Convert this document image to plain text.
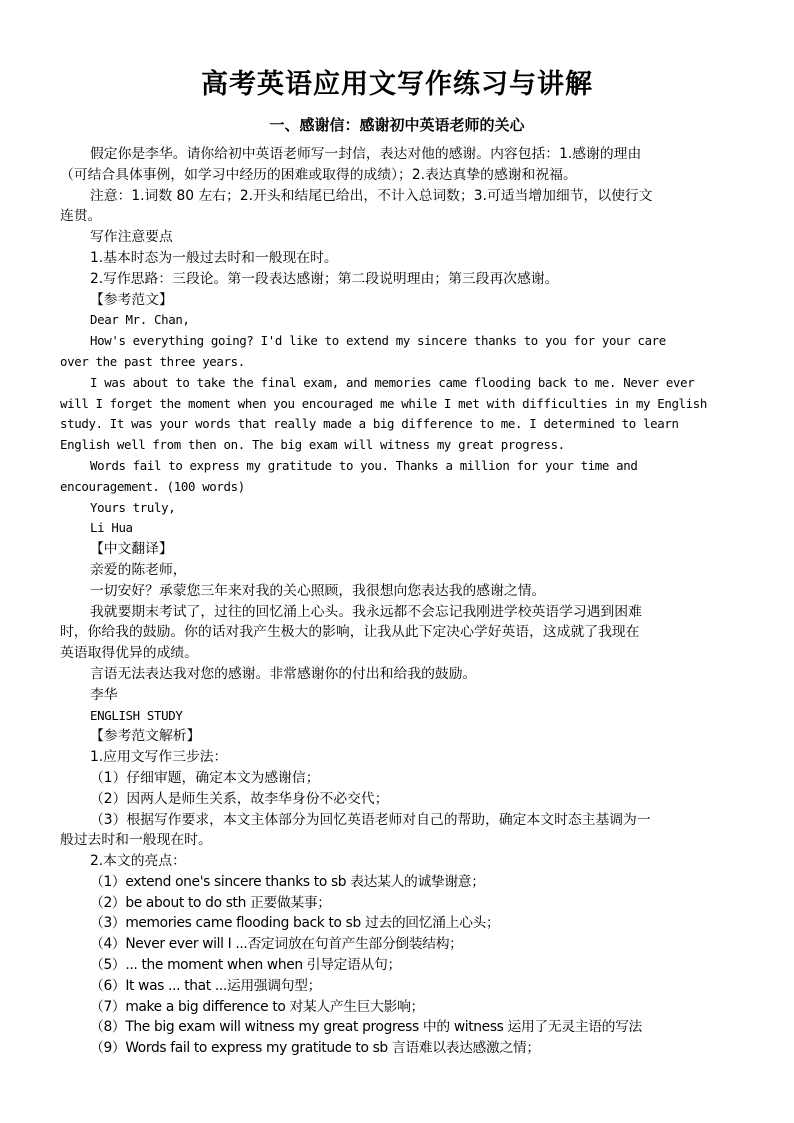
高考英语应用文写作练习与讲解
一、感谢信：感谢初中英语老师的关心
假定你是李华。请你给初中英语老师写一封信，表达对他的感谢。内容包括：1.感谢的理由
（可结合具体事例，如学习中经历的困难或取得的成绩）；2.表达真挚的感谢和祝福。
注意：1.词数 80 左右；2.开头和结尾已给出，不计入总词数；3.可适当增加细节，以使行文
连贯。
写作注意要点
1.基本时态为一般过去时和一般现在时。
2.写作思路：三段论。第一段表达感谢；第二段说明理由；第三段再次感谢。
【参考范文】
Dear Mr. Chan,
How's everything going? I'd like to extend my sincere thanks to you for your care
over the past three years.
I was about to take the final exam, and memories came flooding back to me. Never ever
will I forget the moment when you encouraged me while I met with difficulties in my English
study. It was your words that really made a big difference to me. I determined to learn
English well from then on. The big exam will witness my great progress.
Words fail to express my gratitude to you. Thanks a million for your time and
encouragement. (100 words)
Yours truly,
Li Hua
【中文翻译】
亲爱的陈老师，
一切安好？承蒙您三年来对我的关心照顾，我很想向您表达我的感谢之情。
我就要期末考试了，过往的回忆涌上心头。我永远都不会忘记我刚进学校英语学习遇到困难
时，你给我的鼓励。你的话对我产生极大的影响，让我从此下定决心学好英语，这成就了我现在
英语取得优异的成绩。
言语无法表达我对您的感谢。非常感谢你的付出和给我的鼓励。
李华
ENGLISH STUDY
【参考范文解析】
1.应用文写作三步法：
（1）仔细审题，确定本文为感谢信；
（2）因两人是师生关系，故李华身份不必交代；
（3）根据写作要求，本文主体部分为回忆英语老师对自己的帮助，确定本文时态主基调为一
般过去时和一般现在时。
2.本文的亮点：
（1）extend one's sincere thanks to sb 表达某人的诚挚谢意；
（2）be about to do sth 正要做某事；
（3）memories came flooding back to sb 过去的回忆涌上心头；
（4）Never ever will I ...否定词放在句首产生部分倒装结构；
（5）... the moment when when 引导定语从句；
（6）It was ... that ...运用强调句型；
（7）make a big difference to 对某人产生巨大影响；
（8）The big exam will witness my great progress 中的 witness 运用了无灵主语的写法
（9）Words fail to express my gratitude to sb 言语难以表达感激之情；
